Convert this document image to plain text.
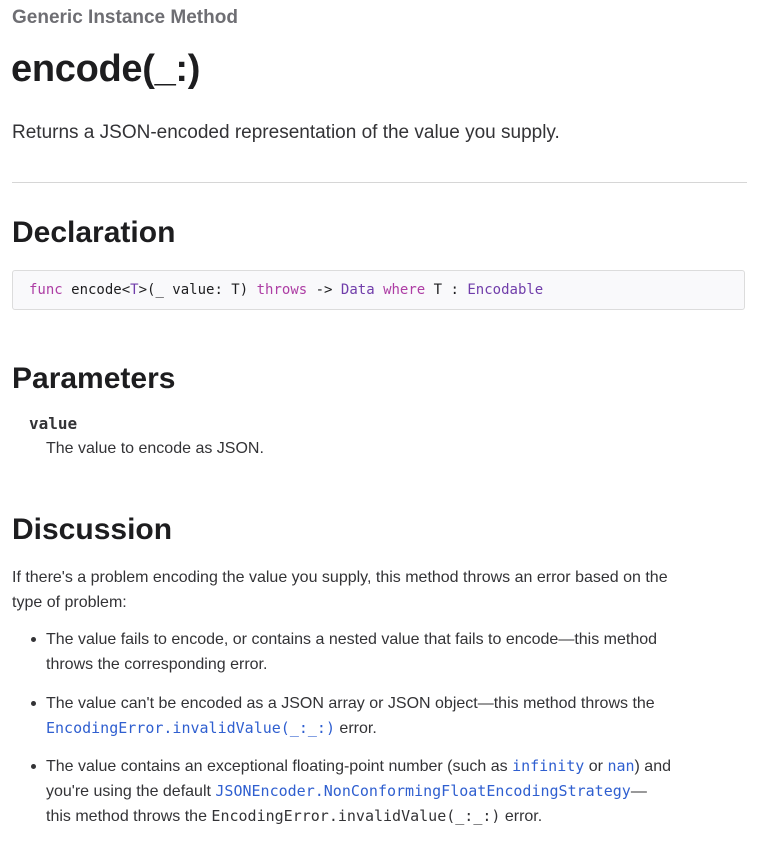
Generic Instance Method
encode(_:)

Returns a JSON-encoded representation of the value you supply.

Declaration
func encode<T>(_ value: T) throws -> Data where T : Encodable
Parameters
value
The value to encode as JSON.
Discussion

If there's a problem encoding the value you supply, this method throws an error based on the
type of problem:

The value fails to encode, or contains a nested value that fails to encode—this method
throws the corresponding error.
The value can't be encoded as a JSON array or JSON object—this method throws the
EncodingError.invalidValue(_:_:) error.
The value contains an exceptional floating-point number (such as infinity or nan) and
you're using the default JSONEncoder.NonConformingFloatEncodingStrategy—
this method throws the EncodingError.invalidValue(_:_:) error.
